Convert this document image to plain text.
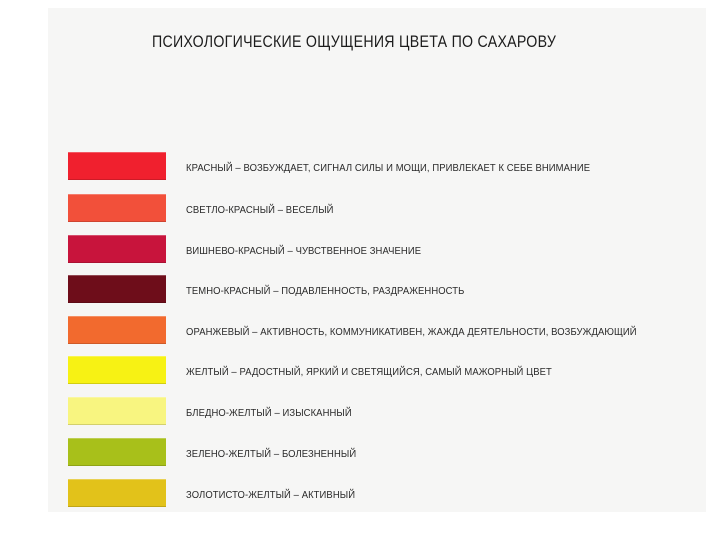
ПСИХОЛОГИЧЕСКИЕ ОЩУЩЕНИЯ ЦВЕТА ПО САХАРОВУ
КРАСНЫЙ – ВОЗБУЖДАЕТ, СИГНАЛ СИЛЫ И МОЩИ, ПРИВЛЕКАЕТ К СЕБЕ ВНИМАНИЕ
СВЕТЛО-КРАСНЫЙ – ВЕСЕЛЫЙ
ВИШНЕВО-КРАСНЫЙ – ЧУВСТВЕННОЕ ЗНАЧЕНИЕ
ТЕМНО-КРАСНЫЙ – ПОДАВЛЕННОСТЬ, РАЗДРАЖЕННОСТЬ
ОРАНЖЕВЫЙ – АКТИВНОСТЬ, КОММУНИКАТИВЕН, ЖАЖДА ДЕЯТЕЛЬНОСТИ, ВОЗБУЖДАЮЩИЙ
ЖЕЛТЫЙ – РАДОСТНЫЙ, ЯРКИЙ И СВЕТЯЩИЙСЯ, САМЫЙ МАЖОРНЫЙ ЦВЕТ
БЛЕДНО-ЖЕЛТЫЙ – ИЗЫСКАННЫЙ
ЗЕЛЕНО-ЖЕЛТЫЙ – БОЛЕЗНЕННЫЙ
ЗОЛОТИСТО-ЖЕЛТЫЙ – АКТИВНЫЙ
